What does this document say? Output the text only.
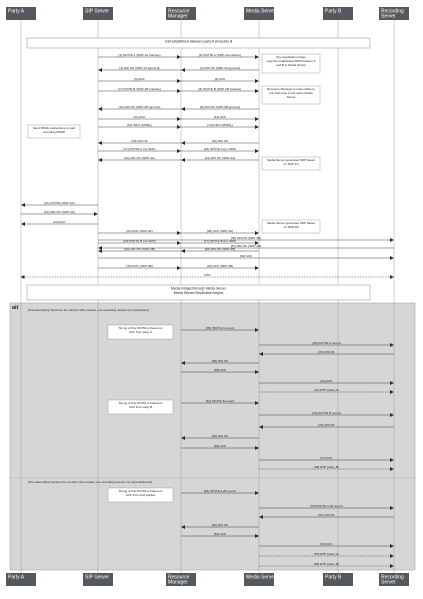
alt	[Two Recording Sessions for vendors who require one recording session per participant]
[One Recording Session for vendors who require one recording session for all participants]
Call established between party A and party B
Media bridged through Media Server
Media Stream Replication begins
Pre-negotiation phase
copy the established SDP between A
and B to Media Server
Resource Manager is responsible to
join both legs to the same Media
Server
Send MSML instructions to start
recording MSRP
Media Server generates SDP based
on SDP-1A
Media Server generates SDP based
on SDP-1B
Timing of this INVITE is based on
ACK from party A
Timing of this INVITE is based on
ACK from party B
Timing of this INVITE is based on
ACK from both parties
[1] INVITE A (SDP-1A inactive)	[2] INVITE A (SDP-1A inactive)
[3] 200 OK (SDP-2A ignored)
[4] 200 OK (SDP-2A ignored)
[5] ACK	[6] ACK
[7] INVITE B (SDP-1B inactive)	[8] INVITE B (SDP-1B inactive)
[9] 200 OK (SDP-2B ignored)
[10] 200 OK (SDP-2B ignored)
[11] ACK	[12] ACK
[13] INFO (MSML)	[14] INFO (MSML)
[16] 200 OK	[15] 200 OK
[17] INVITE A (no SDP)	[18] INVITE A (no SDP)
[19] 200 OK (SDP-3A)
[20] 200 OK (SDP-3A)
[21] INVITE (SDP-3A)
[22] 200 OK (SDP-3A)
[23] ACK
[24] ACK (SDP-4A)	[25] ACK (SDP-4A)
[26] INVITE B (no SDP)	[27] INVITE B (no SDP)
[28] 200 OK (SDP-3B)
[29] 200 OK (SDP-3B)
[30] INVITE (SDP-3B)
[31] 200 OK (SDP-4B)
[32] ACK
[33] ACK (SDP-4B)	[34] ACK (SDP-4B)
RTP
[35] INVITE A record
[36] INVITE A record
[37] 200 OK
[38] 200 OK
[39] ACK
[40] ACK
[41] RTP (party A)
[42] INVITE B record
[43] INVITE B record
[44] 200 OK
[45] 200 OK
[46] ACK
[47] ACK
[48] RTP (party B)
[49] INVITE A+B record
[50] INVITE A+B record
[51] 200 OK
[52] 200 OK
[53] ACK
[54] ACK
[55] RTP (party A)
[56] RTP (party B)
Party A
Party A
SIP Server
SIP Server
Resource
Manager
Resource
Manager
Media Server
Media Server
Party B
Party B
Recording
Server
Recording
Server
